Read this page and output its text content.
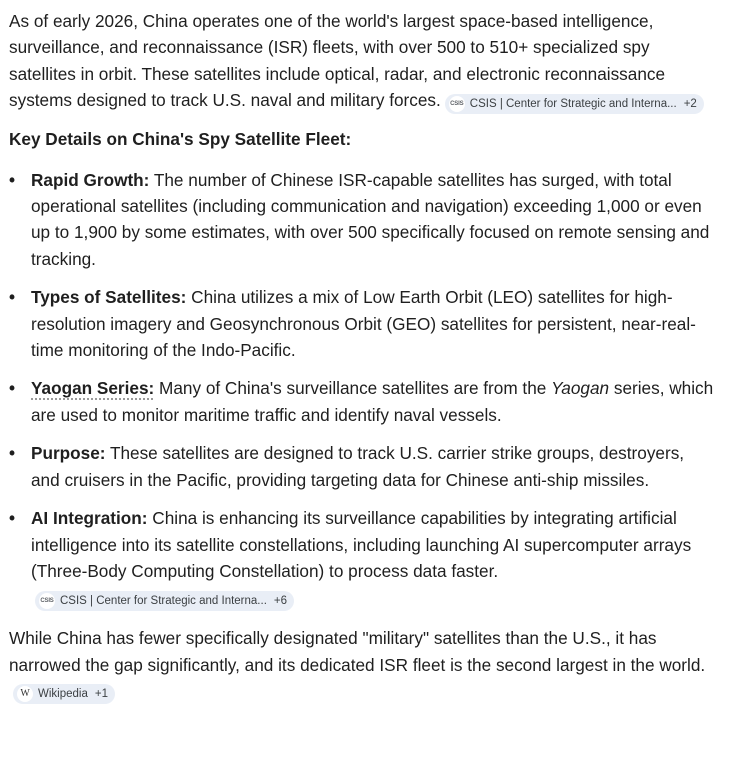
As of early 2026, China operates one of the world's largest space-based intelligence, surveillance, and reconnaissance (ISR) fleets, with over 500 to 510+ specialized spy satellites in orbit. These satellites include optical, radar, and electronic reconnaissance systems designed to track U.S. naval and military forces. CSIS CSIS | Center for Strategic and Interna... +2

Key Details on China's Spy Satellite Fleet:

• Rapid Growth: The number of Chinese ISR-capable satellites has surged, with total operational satellites (including communication and navigation) exceeding 1,000 or even up to 1,900 by some estimates, with over 500 specifically focused on remote sensing and tracking.
• Types of Satellites: China utilizes a mix of Low Earth Orbit (LEO) satellites for high-resolution imagery and Geosynchronous Orbit (GEO) satellites for persistent, near-real-time monitoring of the Indo-Pacific.
• Yaogan Series: Many of China's surveillance satellites are from the Yaogan series, which are used to monitor maritime traffic and identify naval vessels.
• Purpose: These satellites are designed to track U.S. carrier strike groups, destroyers, and cruisers in the Pacific, providing targeting data for Chinese anti-ship missiles.
• AI Integration: China is enhancing its surveillance capabilities by integrating artificial intelligence into its satellite constellations, including launching AI supercomputer arrays (Three-Body Computing Constellation) to process data faster.
CSIS CSIS | Center for Strategic and Interna... +6

While China has fewer specifically designated "military" satellites than the U.S., it has narrowed the gap significantly, and its dedicated ISR fleet is the second largest in the world.
W Wikipedia +1
